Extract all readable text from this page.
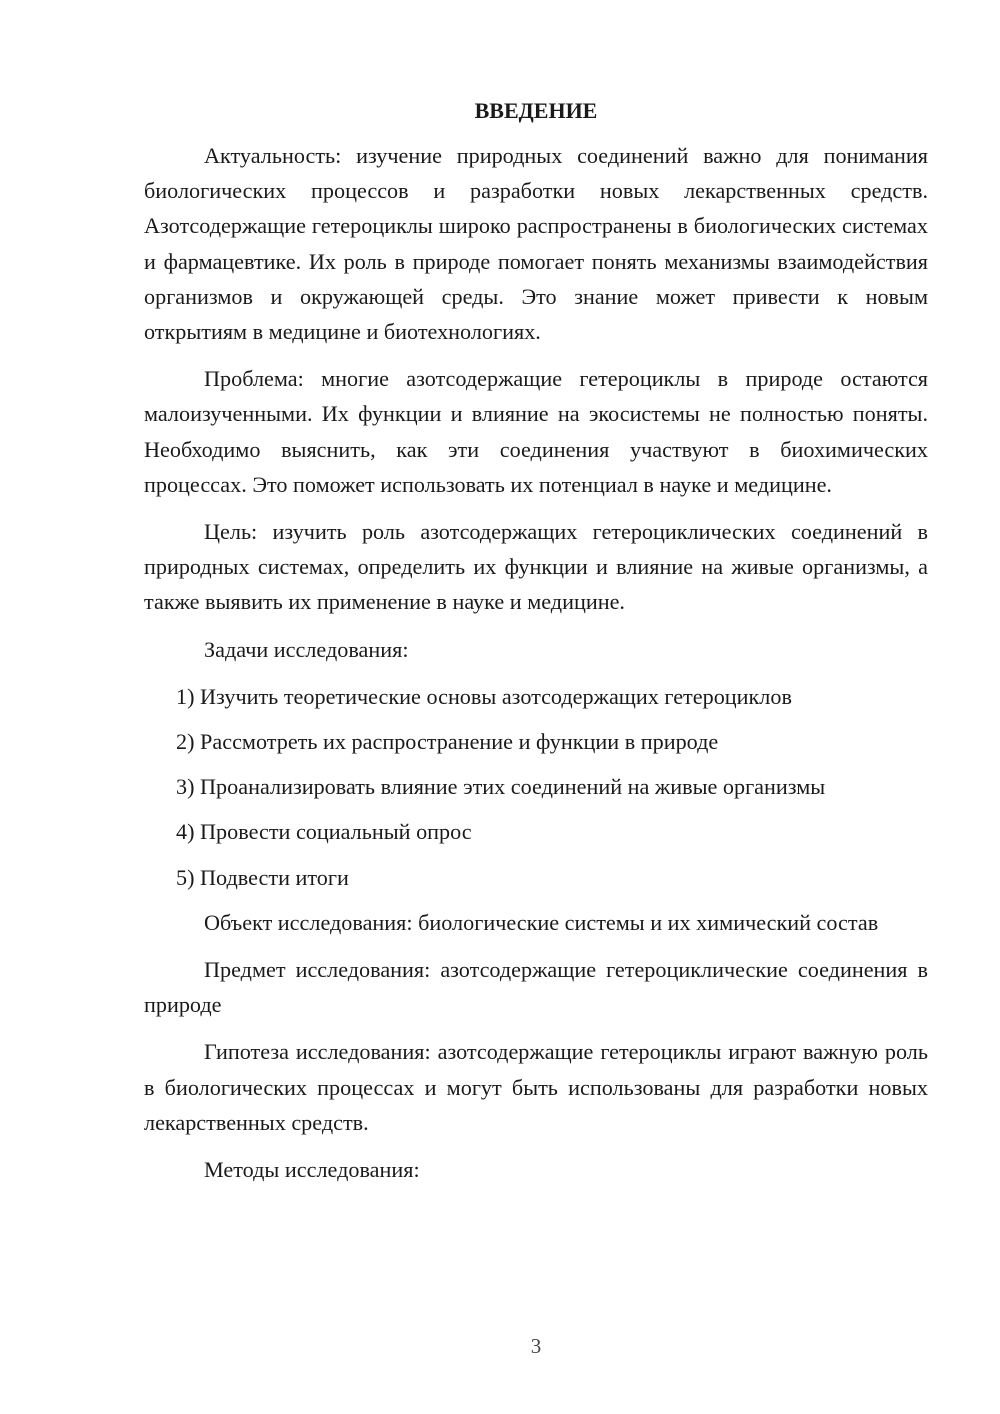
ВВЕДЕНИЕ

Актуальность: изучение природных соединений важно для понимания биологических процессов и разработки новых лекарственных средств. Азотсодержащие гетероциклы широко распространены в биологических системах и фармацевтике. Их роль в природе помогает понять механизмы взаимодействия организмов и окружающей среды. Это знание может привести к новым открытиям в медицине и биотехнологиях.

Проблема: многие азотсодержащие гетероциклы в природе остаются малоизученными. Их функции и влияние на экосистемы не полностью поняты. Необходимо выяснить, как эти соединения участвуют в биохимических процессах. Это поможет использовать их потенциал в науке и медицине.

Цель: изучить роль азотсодержащих гетероциклических соединений в природных системах, определить их функции и влияние на живые организмы, а также выявить их применение в науке и медицине.

Задачи исследования:

1) Изучить теоретические основы азотсодержащих гетероциклов

2) Рассмотреть их распространение и функции в природе

3) Проанализировать влияние этих соединений на живые организмы

4) Провести социальный опрос

5) Подвести итоги

Объект исследования: биологические системы и их химический состав

Предмет исследования: азотсодержащие гетероциклические соединения в природе

Гипотеза исследования: азотсодержащие гетероциклы играют важную роль в биологических процессах и могут быть использованы для разработки новых лекарственных средств.

Методы исследования:

3
